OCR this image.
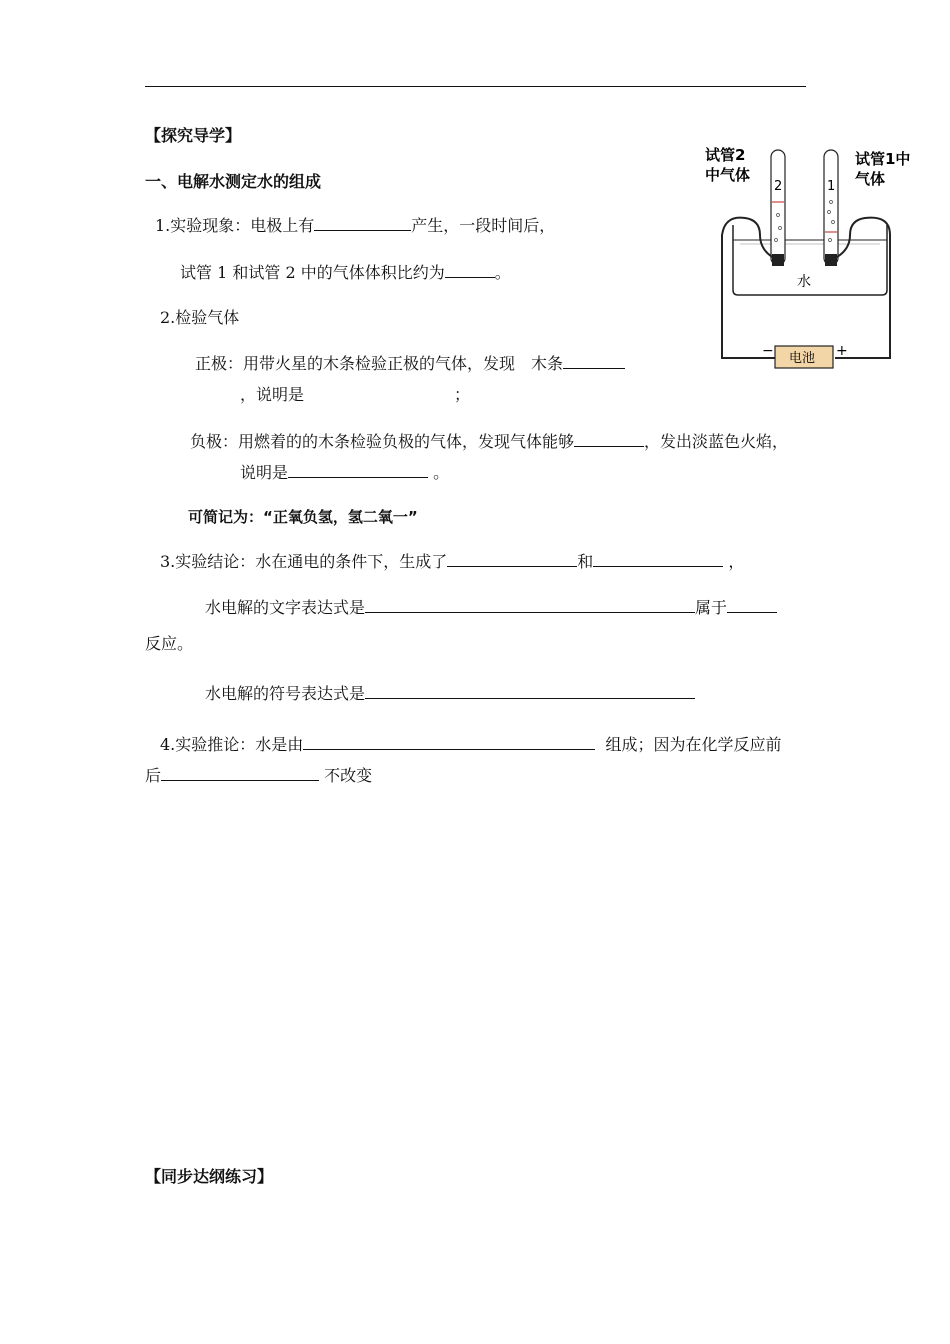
【探究导学】
一、电解水测定水的组成
1.实验现象：电极上有	产生，一段时间后，
试管 1 和试管 2 中的气体体积比约为	。
2.检验气体
正极：用带火星的木条检验正极的气体，发现　木条
，说明是	；
负极：用燃着的的木条检验负极的气体，发现气体能够	，发出淡蓝色火焰，
说明是	。
可简记为：“正氧负氢，氢二氧一”
3.实验结论：水在通电的条件下，生成了	和	，
水电解的文字表达式是	属于
反应。
水电解的符号表达式是
4.实验推论：水是由	组成；因为在化学反应前
后	不改变
【同步达纲练习】
试管2
中气体
试管1中
气体
2	1
水
电池
−	+
